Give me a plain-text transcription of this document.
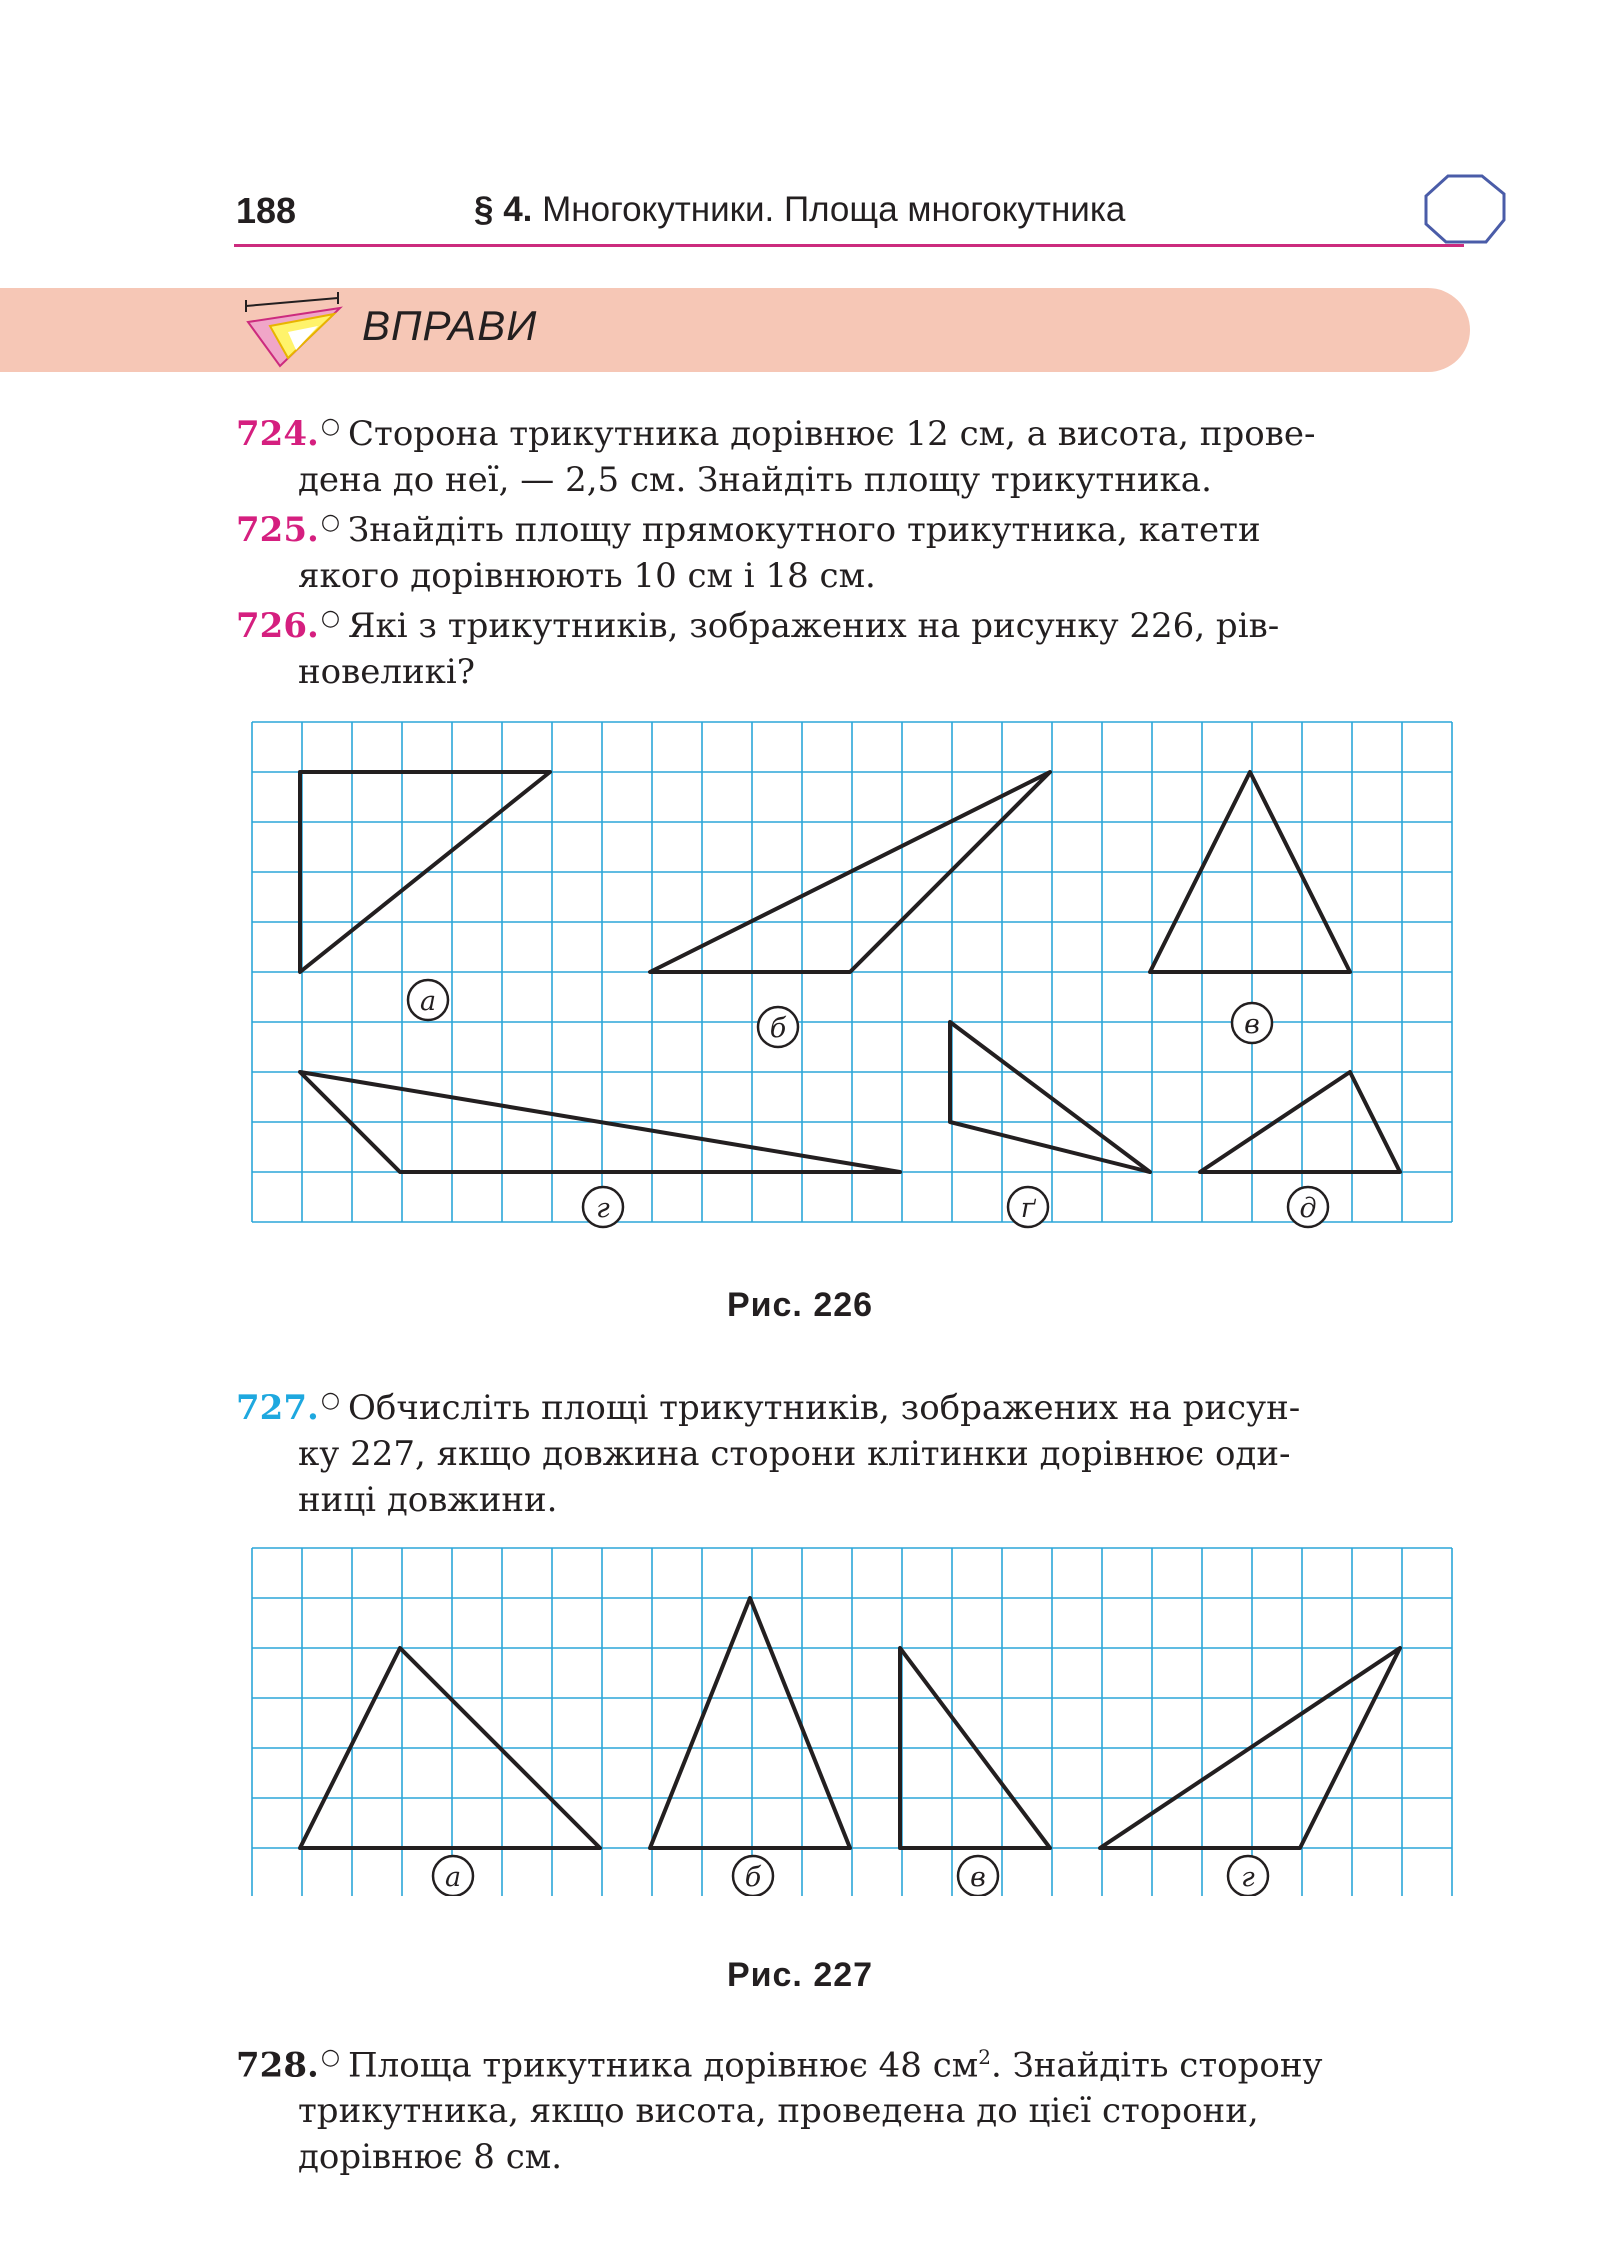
188	§ 4. Многокутники. Площа многокутника
ВПРАВИ
724.○ Сторона трикутника дорівнює 12 см, а висота, прове-
дена до неї, — 2,5 см. Знайдіть площу трикутника.
725.○ Знайдіть площу прямокутного трикутника, катети
якого дорівнюють 10 см і 18 см.
726.○ Які з трикутників, зображених на рисунку 226, рів-
новеликі?
а
б	в
г	ґ	д
Рис. 226
727.○ Обчисліть площі трикутників, зображених на рисун-
ку 227, якщо довжина сторони клітинки дорівнює оди-
ниці довжини.
а	б	в	г
Рис. 227
728.○ Площа трикутника дорівнює 48 $см^2$. Знайдіть сторону
трикутника, якщо висота, проведена до цієї сторони,
дорівнює 8 см.
